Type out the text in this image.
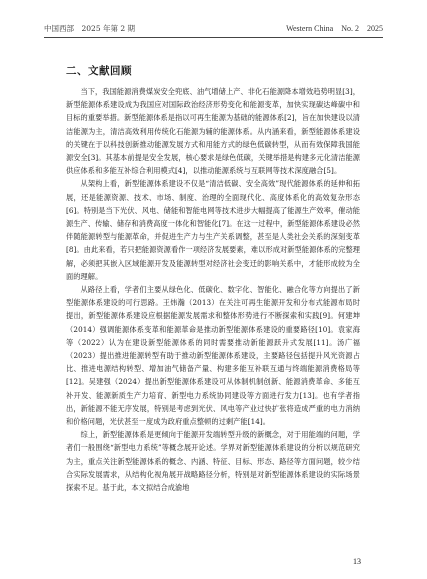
中国西部　2025 年第 2 期	Western China　No. 2　2025
二、文献回顾

当下，我国能源消费煤炭安全兜底、油气增储上产、非化石能源降本增效趋势明显[3]，新型能源体系建设成为我国应对国际政治经济形势变化和能源变革，加快实现碳达峰碳中和目标的重要举措。新型能源体系是指以可再生能源为基础的能源体系[2]，旨在加快建设以清洁能源为主，清洁高效利用传统化石能源为辅的能源体系。从内涵来看，新型能源体系建设的关键在于以科技创新推动能源发展方式和用能方式的绿色低碳转型，从而有效保障我国能源安全[3]。其基本前提是安全发展，核心要求是绿色低碳，关键举措是构建多元化清洁能源供应体系和多能互补综合利用模式[4]，以推动能源系统与互联网等技术深度融合[5]。

从架构上看，新型能源体系建设不仅是“清洁低碳、安全高效”现代能源体系的延伸和拓展，还是能源资源、技术、市场、制度、治理的全面现代化、高度体系化的高效复杂形态[6]。特别是当下光伏、风电、储能和智能电网等技术进步大幅提高了能源生产效率，催动能源生产、传输、储存和消费高度一体化和智能化[7]。在这一过程中，新型能源体系建设必然伴随能源转型与能源革命，并促进生产力与生产关系调整，甚至是人类社会关系的深刻变革[8]。由此来看，若只把能源资源看作一项经济发展要素，难以形成对新型能源体系的完整理解，必须把其嵌入区域能源开发及能源转型对经济社会变迁的影响关系中，才能形成较为全面的理解。

从路径上看，学者们主要从绿色化、低碳化、数字化、智能化、融合化等方向提出了新型能源体系建设的可行思路。王炜瀚（2013）在关注可再生能源开发和分布式能源布局时提出，新型能源体系建设应根据能源发展需求和整体形势进行不断探索和实践[9]。何建坤（2014）强调能源体系变革和能源革命是推动新型能源体系建设的重要路径[10]。袁家海等（2022）认为在建设新型能源体系的同时需要推动新能源跃升式发展[11]。汤广福（2023）提出推进能源转型有助于推动新型能源体系建设，主要路径包括提升风光资源占比、推进电源结构转型、增加油气储备产量、构建多能互补联互通与终端能源消费格局等[12]。吴建强（2024）提出新型能源体系建设可从体制机制创新、能源消费革命、多能互补开发、能源新质生产力培育、新型电力系统协同建设等方面进行发力[13]。也有学者指出，新能源不能无序发展，特别是考虑到光伏、风电等产业过快扩张将造成严重的电力消纳和价格问题，光伏甚至一度成为政府重点整顿的过剩产能[14]。

综上，新型能源体系是更倾向于能源开发端转型升级的新概念，对于用能端的问题，学者们一般围绕“新型电力系统”等概念展开论述。学界对新型能源体系建设的分析以规范研究为主，重点关注新型能源体系的概念、内涵、特征、目标、形态、路径等方面问题，较少结合实际发展需求，从结构化视角展开战略路径分析，特别是对新型能源体系建设的实际场景探索不足。基于此，本文拟结合成渝地

13
